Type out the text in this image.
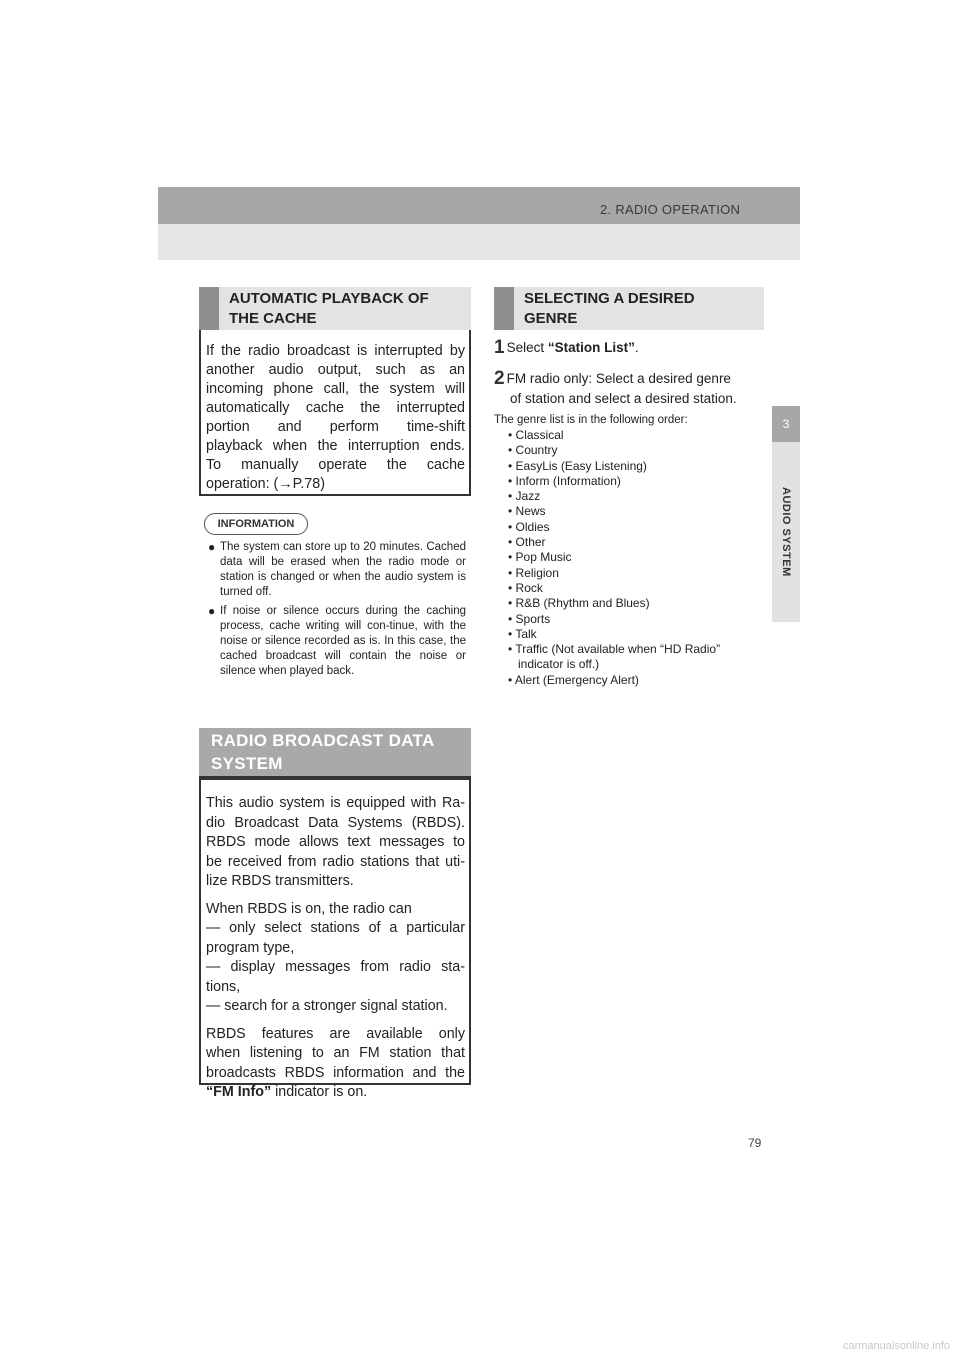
2. RADIO OPERATION
3
AUDIO SYSTEM
AUTOMATIC PLAYBACK OF
THE CACHE
If the radio broadcast is interrupted by
another audio output, such as an
incoming phone call, the system will
automatically cache the interrupted
portion and perform time-shift
playback when the interruption ends.
To manually operate the cache
operation: (→P.78)
INFORMATION
● The system can store up to 20 minutes. Cached data will be erased when the radio mode or station is changed or when the audio system is turned off.
● If noise or silence occurs during the caching process, cache writing will con-tinue, with the noise or silence recorded as is. In this case, the cached broadcast will contain the noise or silence when played back.
RADIO BROADCAST DATA
SYSTEM
This audio system is equipped with Ra-
dio Broadcast Data Systems (RBDS).
RBDS mode allows text messages to
be received from radio stations that uti-
lize RBDS transmitters.
When RBDS is on, the radio can
— only select stations of a particular
program type,
— display messages from radio sta-
tions,
— search for a stronger signal station.
RBDS features are available only
when listening to an FM station that
broadcasts RBDS information and the
“FM Info” indicator is on.
SELECTING A DESIRED
GENRE
1 Select “Station List”.
2 FM radio only: Select a desired genre
of station and select a desired station.
The genre list is in the following order:
• Classical
• Country
• EasyLis (Easy Listening)
• Inform (Information)
• Jazz
• News
• Oldies
• Other
• Pop Music
• Religion
• Rock
• R&B (Rhythm and Blues)
• Sports
• Talk
• Traffic (Not available when “HD Radio”
indicator is off.)
• Alert (Emergency Alert)
79
carmanualsonline.info
